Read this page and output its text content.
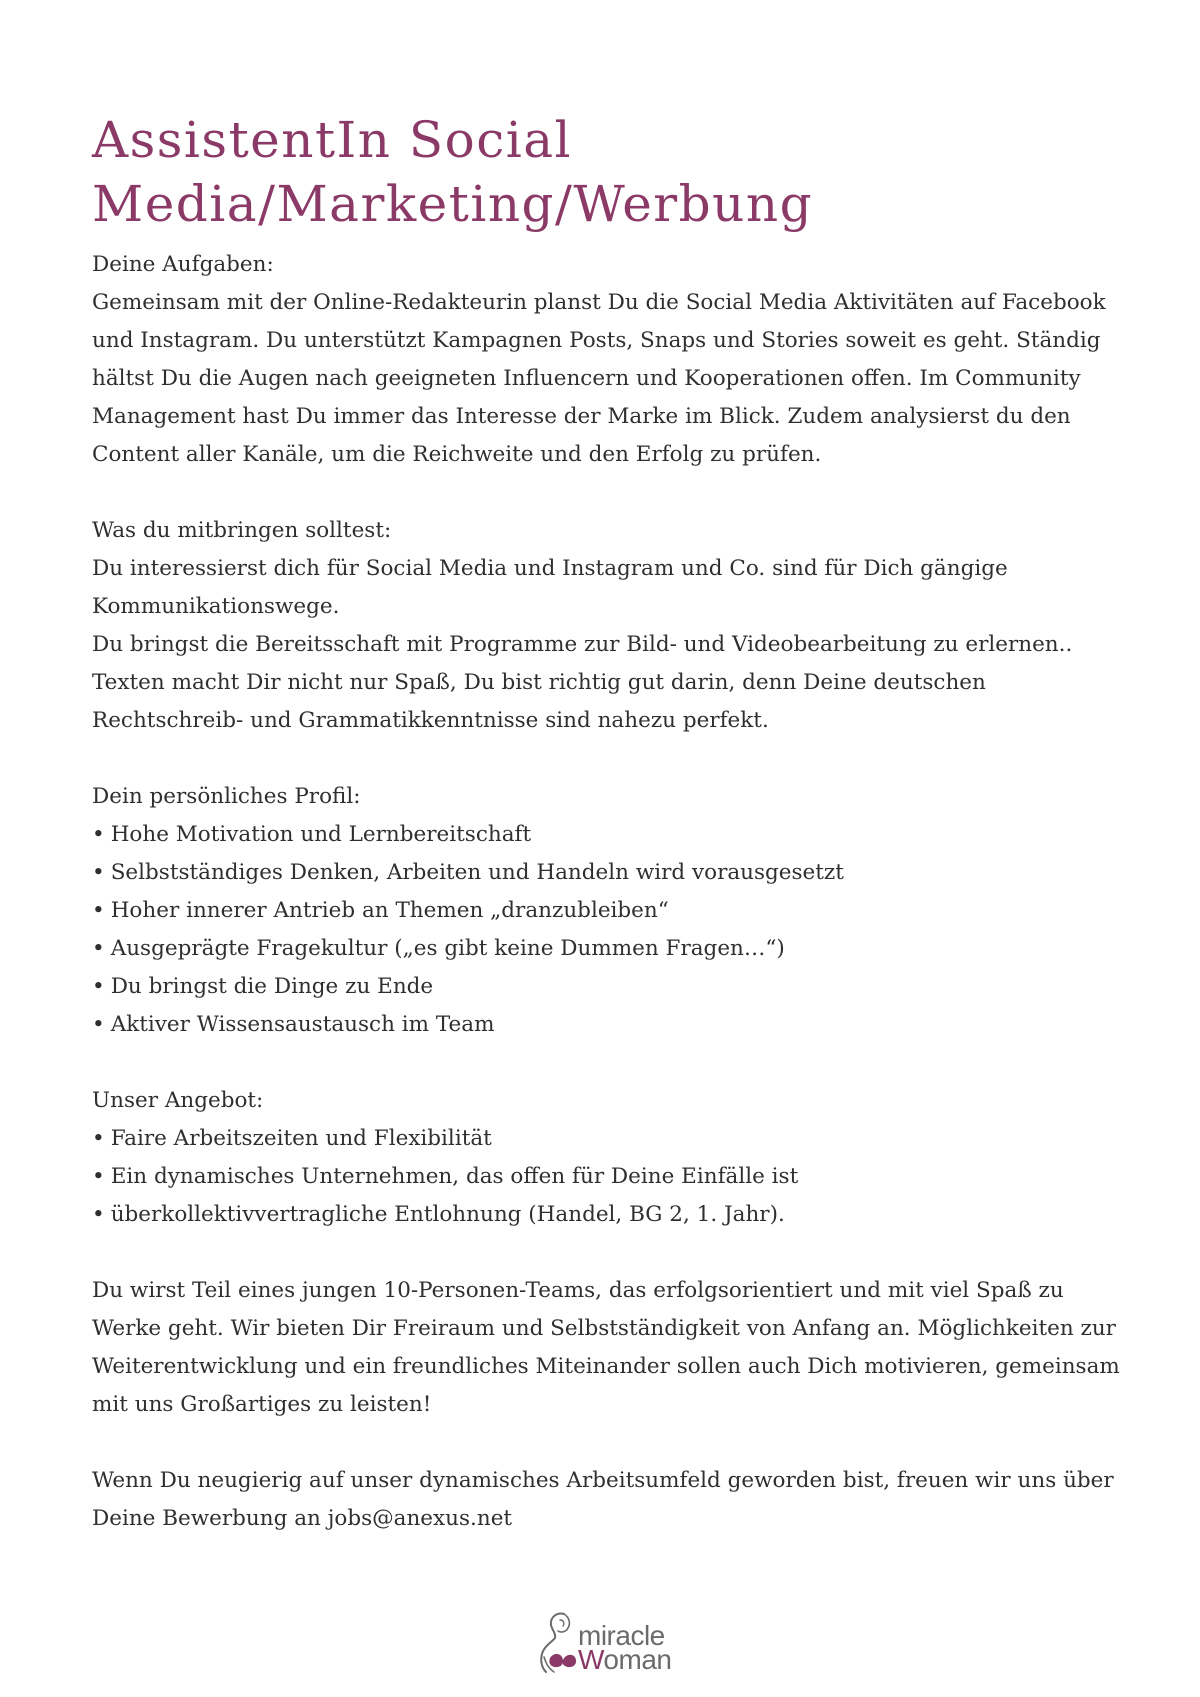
AssistentIn Social
Media/Marketing/Werbung

Deine Aufgaben:

Gemeinsam mit der Online-Redakteurin planst Du die Social Media Aktivitäten auf Facebook und Instagram. Du unterstützt Kampagnen Posts, Snaps und Stories soweit es geht. Ständig hältst Du die Augen nach geeigneten Influencern und Kooperationen offen. Im Community Management hast Du immer das Interesse der Marke im Blick. Zudem analysierst du den Content aller Kanäle, um die Reichweite und den Erfolg zu prüfen.

Was du mitbringen solltest:

Du interessierst dich für Social Media und Instagram und Co. sind für Dich gängige Kommunikationswege.

Du bringst die Bereitsschaft mit Programme zur Bild- und Videobearbeitung zu erlernen.. Texten macht Dir nicht nur Spaß, Du bist richtig gut darin, denn Deine deutschen Rechtschreib- und Grammatikkenntnisse sind nahezu perfekt.

Dein persönliches Profil:

• Hohe Motivation und Lernbereitschaft
• Selbstständiges Denken, Arbeiten und Handeln wird vorausgesetzt
• Hoher innerer Antrieb an Themen „dranzubleiben“
• Ausgeprägte Fragekultur („es gibt keine Dummen Fragen…“)
• Du bringst die Dinge zu Ende
• Aktiver Wissensaustausch im Team

Unser Angebot:

• Faire Arbeitszeiten und Flexibilität
• Ein dynamisches Unternehmen, das offen für Deine Einfälle ist
• überkollektivvertragliche Entlohnung (Handel, BG 2, 1. Jahr).

Du wirst Teil eines jungen 10-Personen-Teams, das erfolgsorientiert und mit viel Spaß zu Werke geht. Wir bieten Dir Freiraum und Selbstständigkeit von Anfang an. Möglichkeiten zur Weiterentwicklung und ein freundliches Miteinander sollen auch Dich motivieren, gemeinsam mit uns Großartiges zu leisten!

Wenn Du neugierig auf unser dynamisches Arbeitsumfeld geworden bist, freuen wir uns über Deine Bewerbung an jobs@anexus.net

miracle
Woman
